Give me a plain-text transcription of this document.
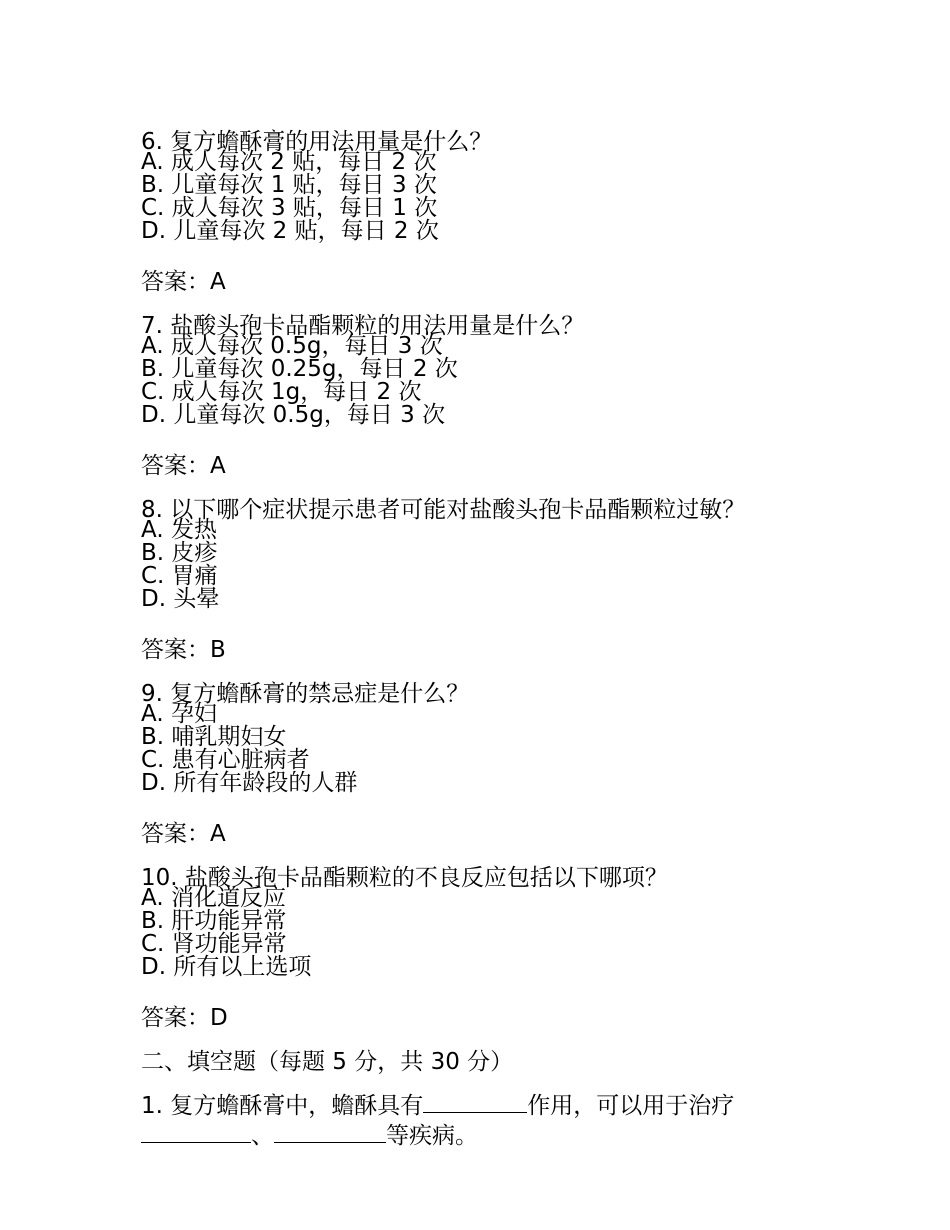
6. 复方蟾酥膏的用法用量是什么？
A. 成人每次 2 贴，每日 2 次
B. 儿童每次 1 贴，每日 3 次
C. 成人每次 3 贴，每日 1 次
D. 儿童每次 2 贴，每日 2 次
答案：A
7. 盐酸头孢卡品酯颗粒的用法用量是什么？
A. 成人每次 0.5g，每日 3 次
B. 儿童每次 0.25g，每日 2 次
C. 成人每次 1g，每日 2 次
D. 儿童每次 0.5g，每日 3 次
答案：A
8. 以下哪个症状提示患者可能对盐酸头孢卡品酯颗粒过敏？
A. 发热
B. 皮疹
C. 胃痛
D. 头晕
答案：B
9. 复方蟾酥膏的禁忌症是什么？
A. 孕妇
B. 哺乳期妇女
C. 患有心脏病者
D. 所有年龄段的人群
答案：A
10. 盐酸头孢卡品酯颗粒的不良反应包括以下哪项？
A. 消化道反应
B. 肝功能异常
C. 肾功能异常
D. 所有以上选项
答案：D
二、填空题（每题 5 分，共 30 分）
1. 复方蟾酥膏中，蟾酥具有	作用，可以用于治疗
、	等疾病。
